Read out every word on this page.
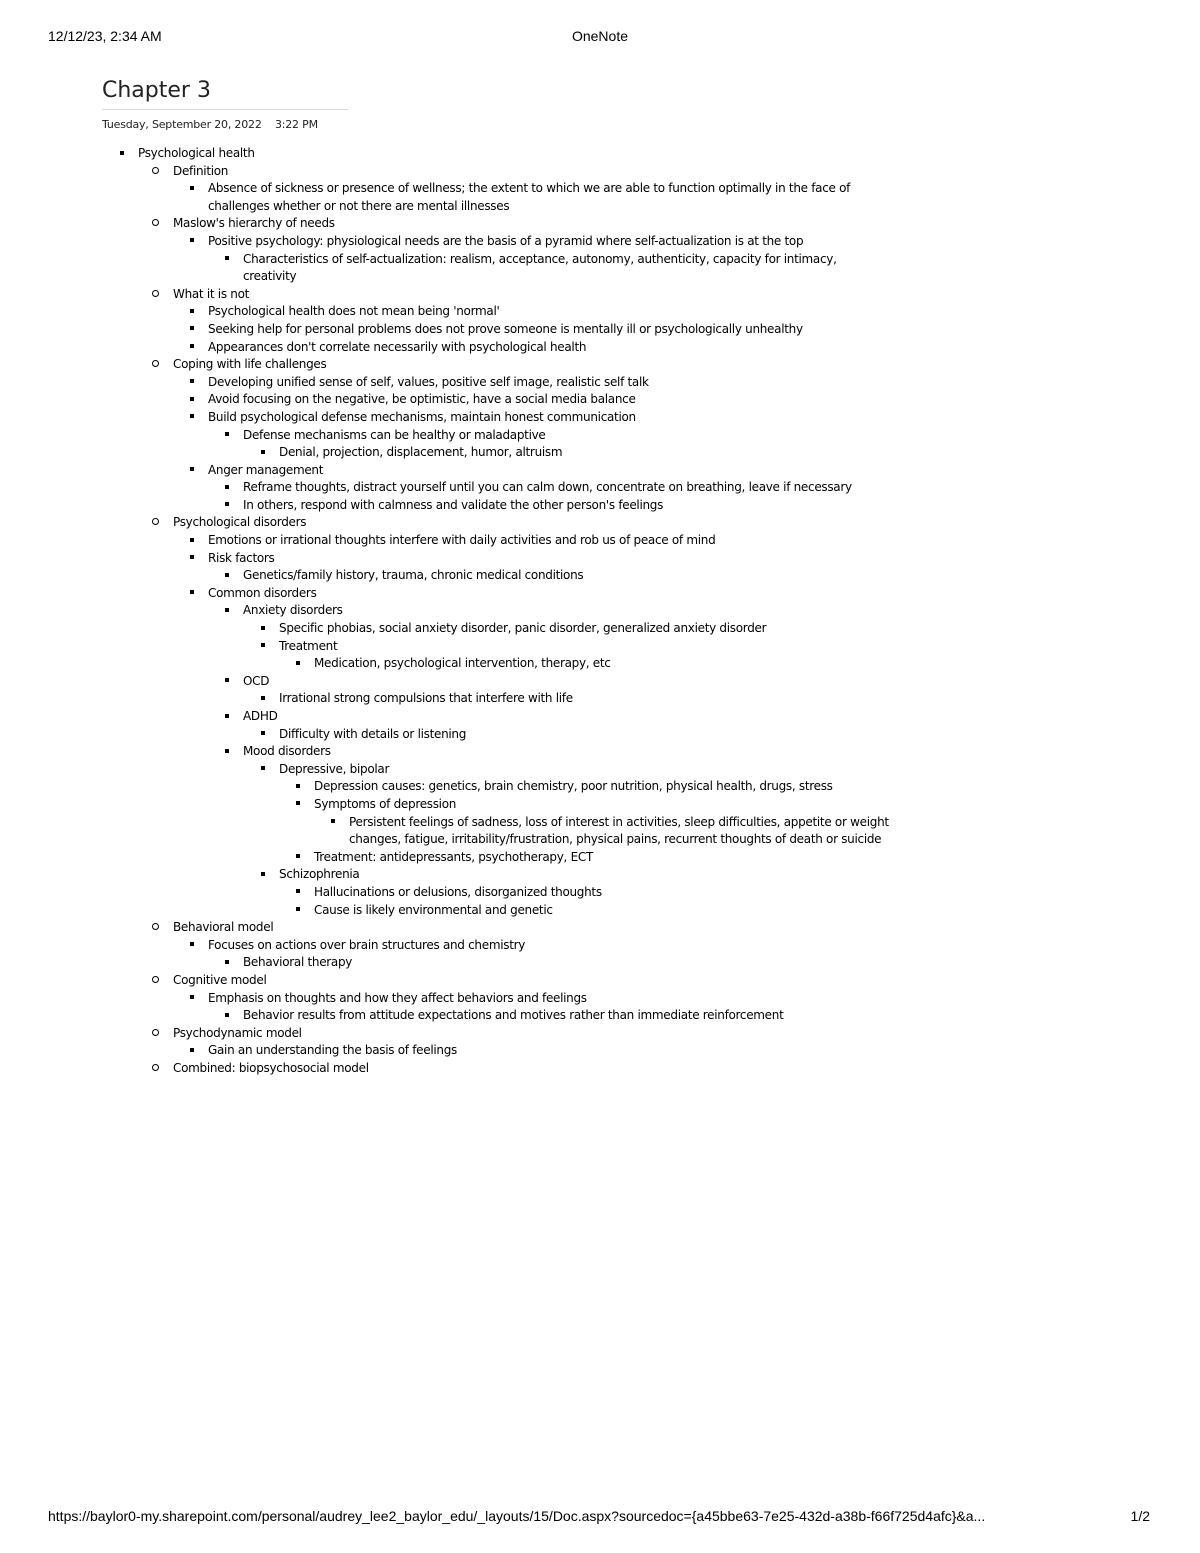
12/12/23, 2:34 AM	OneNote
Chapter 3
Tuesday, September 20, 2022 3:22 PM
Psychological health
Definition
Absence of sickness or presence of wellness; the extent to which we are able to function optimally in the face of challenges whether or not there are mental illnesses
Maslow's hierarchy of needs
Positive psychology: physiological needs are the basis of a pyramid where self-actualization is at the top
Characteristics of self-actualization: realism, acceptance, autonomy, authenticity, capacity for intimacy, creativity
What it is not
Psychological health does not mean being 'normal'
Seeking help for personal problems does not prove someone is mentally ill or psychologically unhealthy
Appearances don't correlate necessarily with psychological health
Coping with life challenges
Developing unified sense of self, values, positive self image, realistic self talk
Avoid focusing on the negative, be optimistic, have a social media balance
Build psychological defense mechanisms, maintain honest communication
Defense mechanisms can be healthy or maladaptive
Denial, projection, displacement, humor, altruism
Anger management
Reframe thoughts, distract yourself until you can calm down, concentrate on breathing, leave if necessary
In others, respond with calmness and validate the other person's feelings
Psychological disorders
Emotions or irrational thoughts interfere with daily activities and rob us of peace of mind
Risk factors
Genetics/family history, trauma, chronic medical conditions
Common disorders
Anxiety disorders
Specific phobias, social anxiety disorder, panic disorder, generalized anxiety disorder
Treatment
Medication, psychological intervention, therapy, etc
OCD
Irrational strong compulsions that interfere with life
ADHD
Difficulty with details or listening
Mood disorders
Depressive, bipolar
Depression causes: genetics, brain chemistry, poor nutrition, physical health, drugs, stress
Symptoms of depression
Persistent feelings of sadness, loss of interest in activities, sleep difficulties, appetite or weight changes, fatigue, irritability/frustration, physical pains, recurrent thoughts of death or suicide
Treatment: antidepressants, psychotherapy, ECT
Schizophrenia
Hallucinations or delusions, disorganized thoughts
Cause is likely environmental and genetic
Behavioral model
Focuses on actions over brain structures and chemistry
Behavioral therapy
Cognitive model
Emphasis on thoughts and how they affect behaviors and feelings
Behavior results from attitude expectations and motives rather than immediate reinforcement
Psychodynamic model
Gain an understanding the basis of feelings
Combined: biopsychosocial model
https://baylor0-my.sharepoint.com/personal/audrey_lee2_baylor_edu/_layouts/15/Doc.aspx?sourcedoc={a45bbe63-7e25-432d-a38b-f66f725d4afc}&a...	1/2
